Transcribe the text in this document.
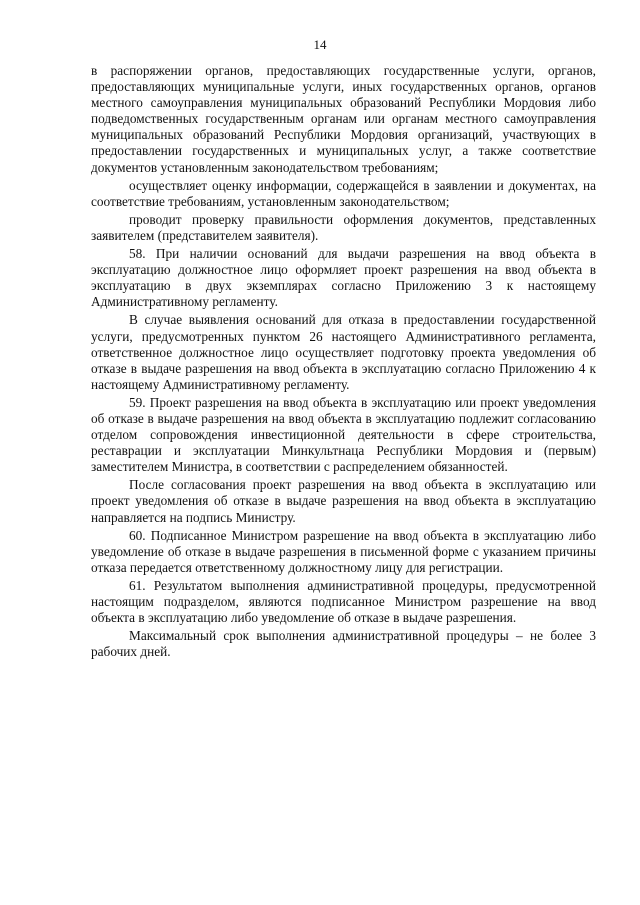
14

в распоряжении органов, предоставляющих государственные услуги, органов, предоставляющих муниципальные услуги, иных государственных органов, органов местного самоуправления муниципальных образований Республики Мордовия либо подведомственных государственным органам или органам местного самоуправления муниципальных образований Республики Мордовия организаций, участвующих в предоставлении государственных и муниципальных услуг, а также соответствие документов установленным законодательством требованиям;

осуществляет оценку информации, содержащейся в заявлении и документах, на соответствие требованиям, установленным законодательством;

проводит проверку правильности оформления документов, представленных заявителем (представителем заявителя).

58. При наличии оснований для выдачи разрешения на ввод объекта в эксплуатацию должностное лицо оформляет проект разрешения на ввод объекта в эксплуатацию в двух экземплярах согласно Приложению 3 к настоящему Административному регламенту.

В случае выявления оснований для отказа в предоставлении государственной услуги, предусмотренных пунктом 26 настоящего Административного регламента, ответственное должностное лицо осуществляет подготовку проекта уведомления об отказе в выдаче разрешения на ввод объекта в эксплуатацию согласно Приложению 4 к настоящему Административному регламенту.

59. Проект разрешения на ввод объекта в эксплуатацию или проект уведомления об отказе в выдаче разрешения на ввод объекта в эксплуатацию подлежит согласованию отделом сопровождения инвестиционной деятельности в сфере строительства, реставрации и эксплуатации Минкультнаца Республики Мордовия и (первым) заместителем Министра, в соответствии с распределением обязанностей.

После согласования проект разрешения на ввод объекта в эксплуатацию или проект уведомления об отказе в выдаче разрешения на ввод объекта в эксплуатацию направляется на подпись Министру.

60. Подписанное Министром разрешение на ввод объекта в эксплуатацию либо уведомление об отказе в выдаче разрешения в письменной форме с указанием причины отказа передается ответственному должностному лицу для регистрации.

61. Результатом выполнения административной процедуры, предусмотренной настоящим подразделом, являются подписанное Министром разрешение на ввод объекта в эксплуатацию либо уведомление об отказе в выдаче разрешения.

Максимальный срок выполнения административной процедуры – не более 3 рабочих дней.
